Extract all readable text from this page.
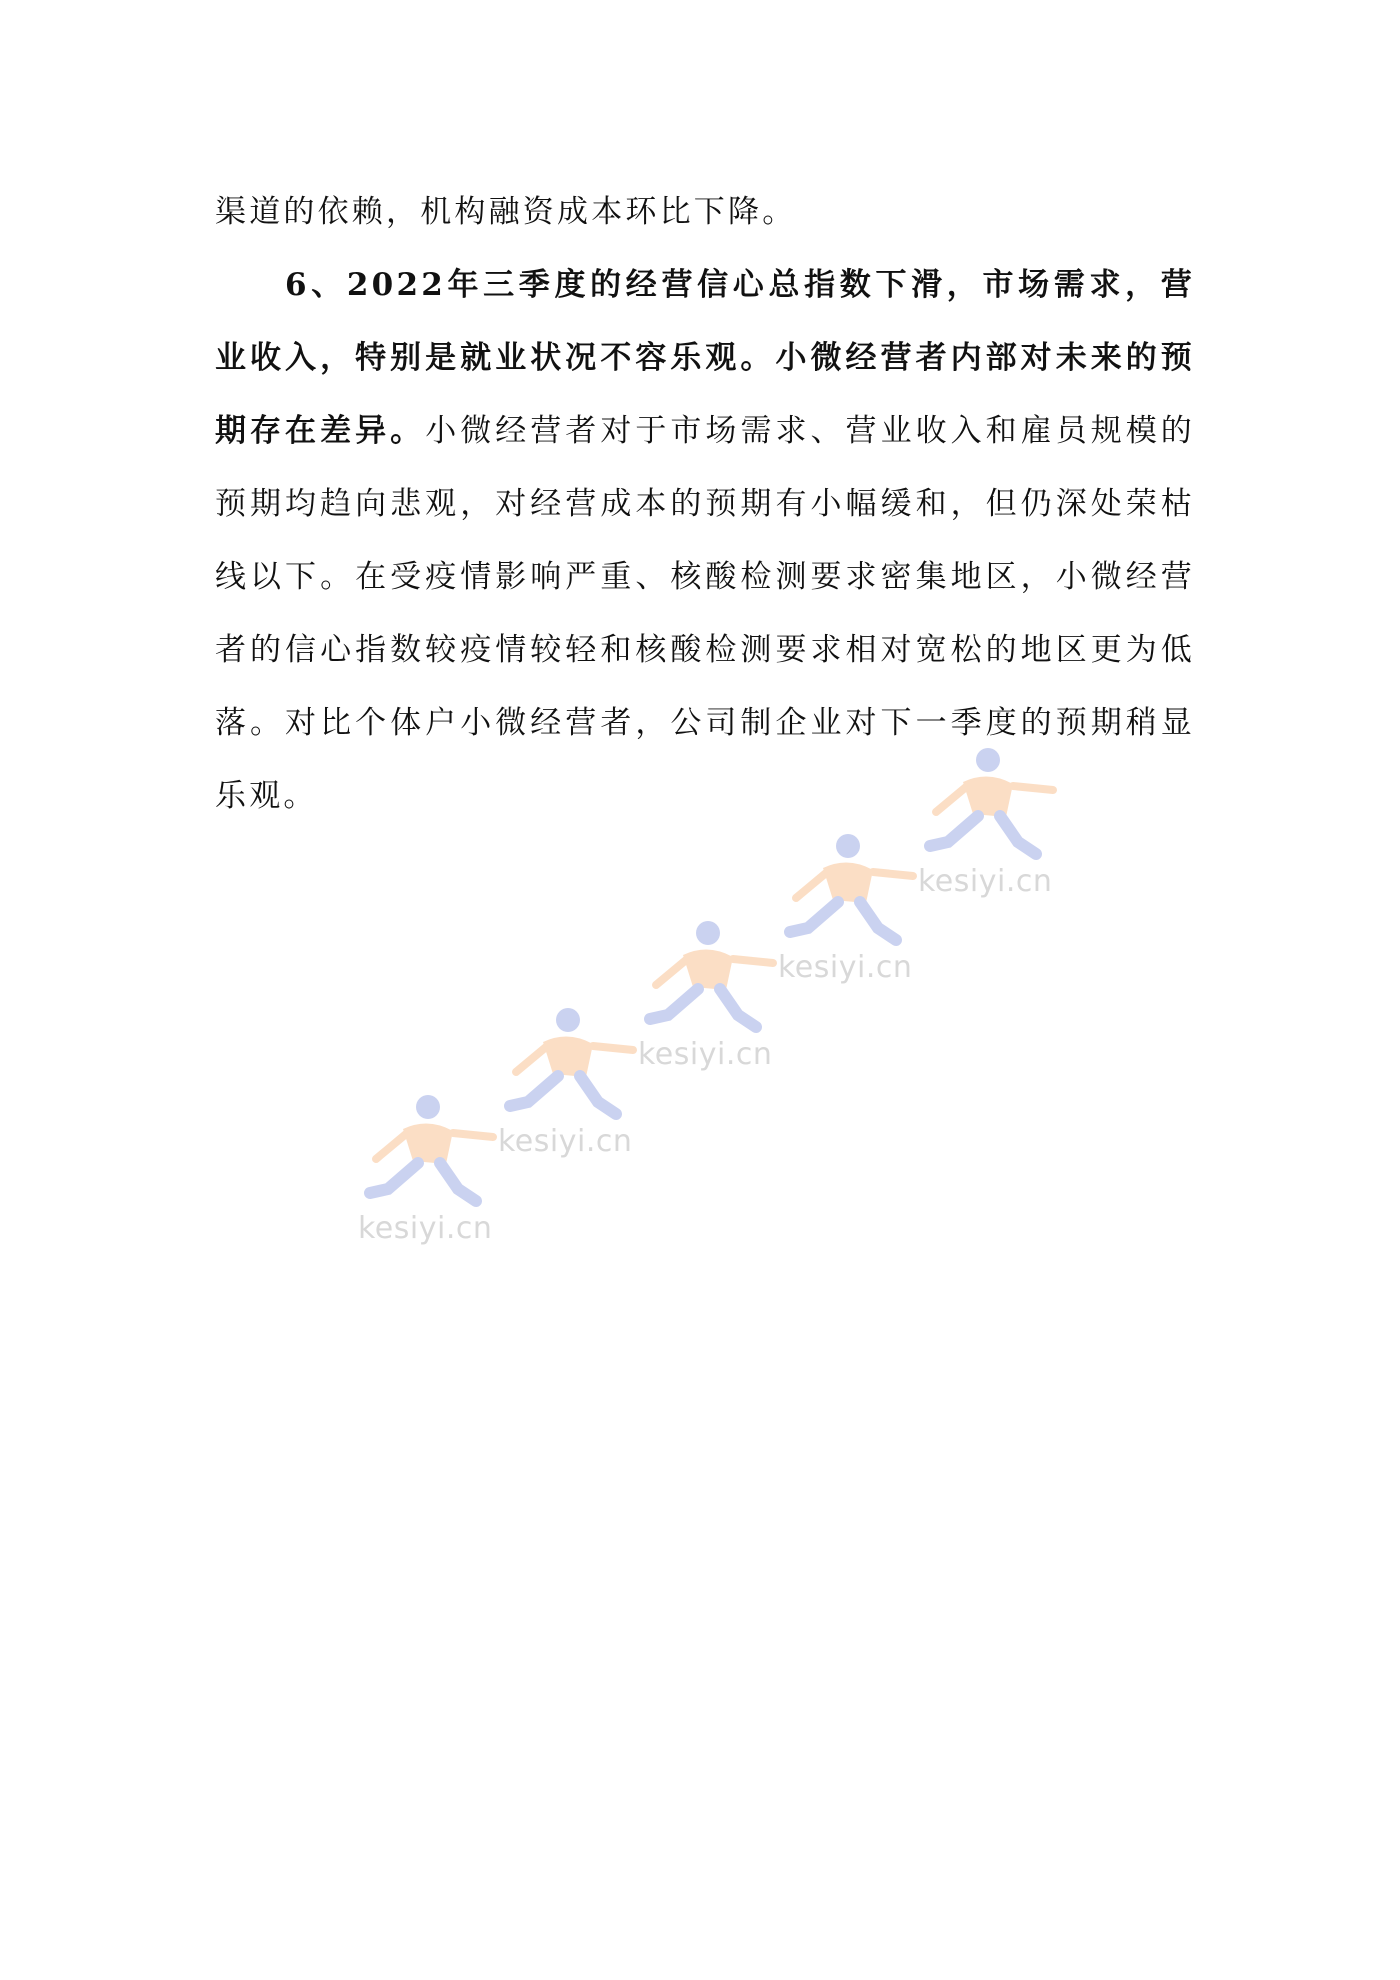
渠道的依赖，机构融资成本环比下降。

6、2022年三季度的经营信心总指数下滑，市场需求，营业收入，特别是就业状况不容乐观。小微经营者内部对未来的预期存在差异。小微经营者对于市场需求、营业收入和雇员规模的预期均趋向悲观，对经营成本的预期有小幅缓和，但仍深处荣枯线以下。在受疫情影响严重、核酸检测要求密集地区，小微经营者的信心指数较疫情较轻和核酸检测要求相对宽松的地区更为低落。对比个体户小微经营者，公司制企业对下一季度的预期稍显乐观。

kesiyi.cn
kesiyi.cn
kesiyi.cn
kesiyi.cn
kesiyi.cn
